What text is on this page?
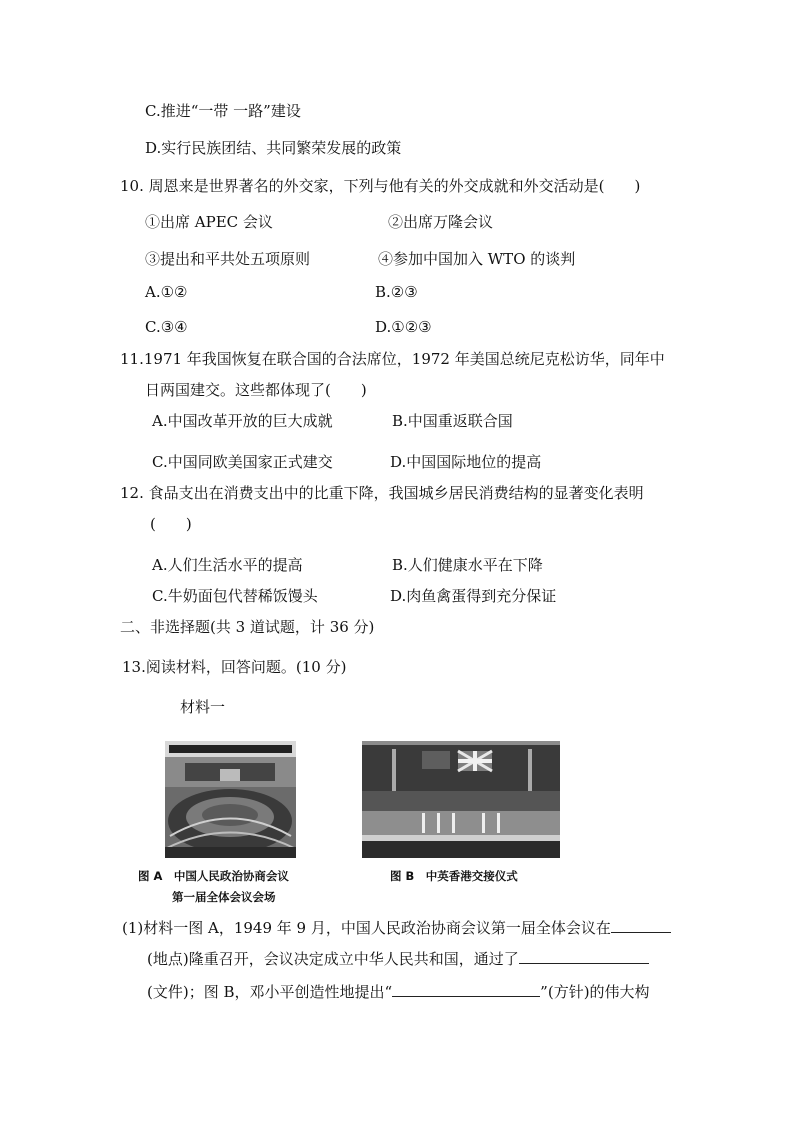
C.推进“一带 一路”建设
D.实行民族团结、共同繁荣发展的政策
10. 周恩来是世界著名的外交家，下列与他有关的外交成就和外交活动是(　　)
①出席 APEC 会议	②出席万隆会议
③提出和平共处五项原则	④参加中国加入 WTO 的谈判
A.①②	B.②③
C.③④	D.①②③
11.1971 年我国恢复在联合国的合法席位，1972 年美国总统尼克松访华，同年中
日两国建交。这些都体现了(　　)
A.中国改革开放的巨大成就	B.中国重返联合国
C.中国同欧美国家正式建交	D.中国国际地位的提高
12. 食品支出在消费支出中的比重下降，我国城乡居民消费结构的显著变化表明
(　　)
A.人们生活水平的提高	B.人们健康水平在下降
C.牛奶面包代替稀饭馒头	D.肉鱼禽蛋得到充分保证
二、非选择题(共 3 道试题，计 36 分)
13.阅读材料，回答问题。(10 分)
材料一
图 A　中国人民政治协商会议
第一届全体会议会场
图 B　中英香港交接仪式
(1)材料一图 A，1949 年 9 月，中国人民政治协商会议第一届全体会议在
(地点)隆重召开，会议决定成立中华人民共和国，通过了
(文件)；图 B，邓小平创造性地提出“	”(方针)的伟大构
